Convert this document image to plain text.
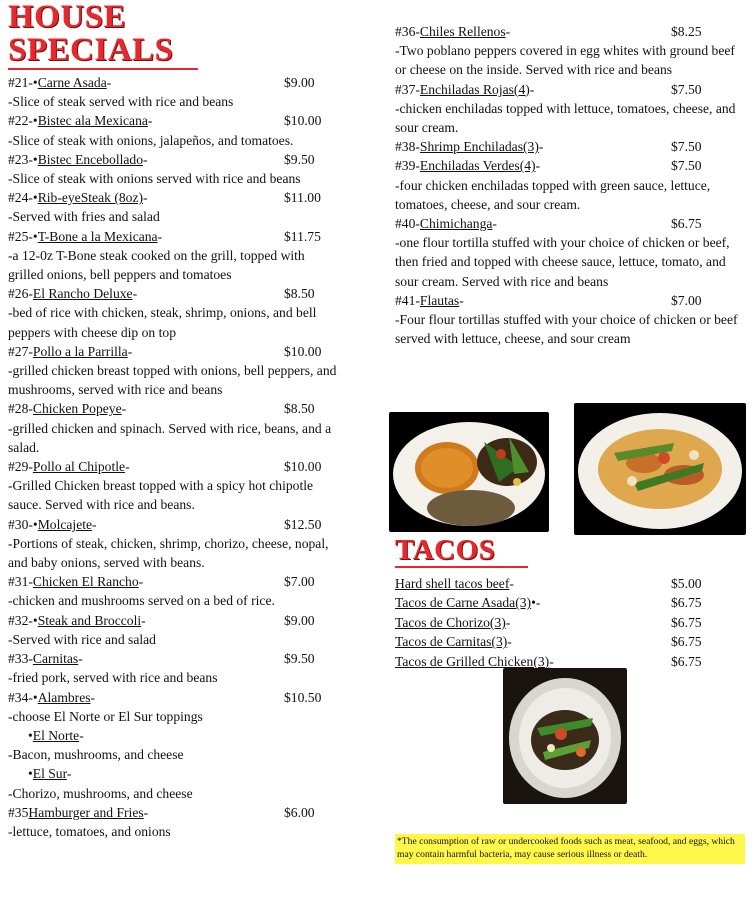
HOUSE
SPECIALS
#21-•Carne Asada-	$9.00
-Slice of steak served with rice and beans
#22-•Bistec ala Mexicana-	$10.00
-Slice of steak with onions, jalapeños, and tomatoes.
#23-•Bistec Encebollado-	$9.50
-Slice of steak with onions served with rice and beans
#24-•Rib-eyeSteak (8oz)-	$11.00
-Served with fries and salad
#25-•T-Bone a la Mexicana-	$11.75
-a 12-0z T-Bone steak cooked on the grill, topped with grilled onions, bell peppers and tomatoes
#26-El Rancho Deluxe-	$8.50
-bed of rice with chicken, steak, shrimp, onions, and bell peppers with cheese dip on top
#27-Pollo a la Parrilla-	$10.00
-grilled chicken breast topped with onions, bell peppers, and mushrooms, served with rice and beans
#28-Chicken Popeye-	$8.50
-grilled chicken and spinach. Served with rice, beans, and a salad.
#29-Pollo al Chipotle-	$10.00
-Grilled Chicken breast topped with a spicy hot chipotle sauce. Served with rice and beans.
#30-•Molcajete-	$12.50
-Portions of steak, chicken, shrimp, chorizo, cheese, nopal, and baby onions, served with beans.
#31-Chicken El Rancho-	$7.00
-chicken and mushrooms served on a bed of rice.
#32-•Steak and Broccoli-	$9.00
-Served with rice and salad
#33-Carnitas-	$9.50
-fried pork, served with rice and beans
#34-•Alambres-	$10.50
-choose El Norte or El Sur toppings
•El Norte-
-Bacon, mushrooms, and cheese
•El Sur-
-Chorizo, mushrooms, and cheese
#35Hamburger and Fries-	$6.00
-lettuce, tomatoes, and onions
#36-Chiles Rellenos-	$8.25
-Two poblano peppers covered in egg whites with ground beef or cheese on the inside. Served with rice and beans
#37-Enchiladas Rojas(4)-	$7.50
-chicken enchiladas topped with lettuce, tomatoes, cheese, and sour cream.
#38-Shrimp Enchiladas(3)-	$7.50
#39-Enchiladas Verdes(4)-	$7.50
-four chicken enchiladas topped with green sauce, lettuce, tomatoes, cheese, and sour cream.
#40-Chimichanga-	$6.75
-one flour tortilla stuffed with your choice of chicken or beef, then fried and topped with cheese sauce, lettuce, tomato, and sour cream. Served with rice and beans
#41-Flautas-	$7.00
-Four flour tortillas stuffed with your choice of chicken or beef served with lettuce, cheese, and sour cream
TACOS
Hard shell tacos beef-	$5.00
Tacos de Carne Asada(3)•-	$6.75
Tacos de Chorizo(3)-	$6.75
Tacos de Carnitas(3)-	$6.75
Tacos de Grilled Chicken(3)-	$6.75
*The consumption of raw or undercooked foods such as meat, seafood, and eggs, which may contain harmful bacteria, may cause serious illness or death.
